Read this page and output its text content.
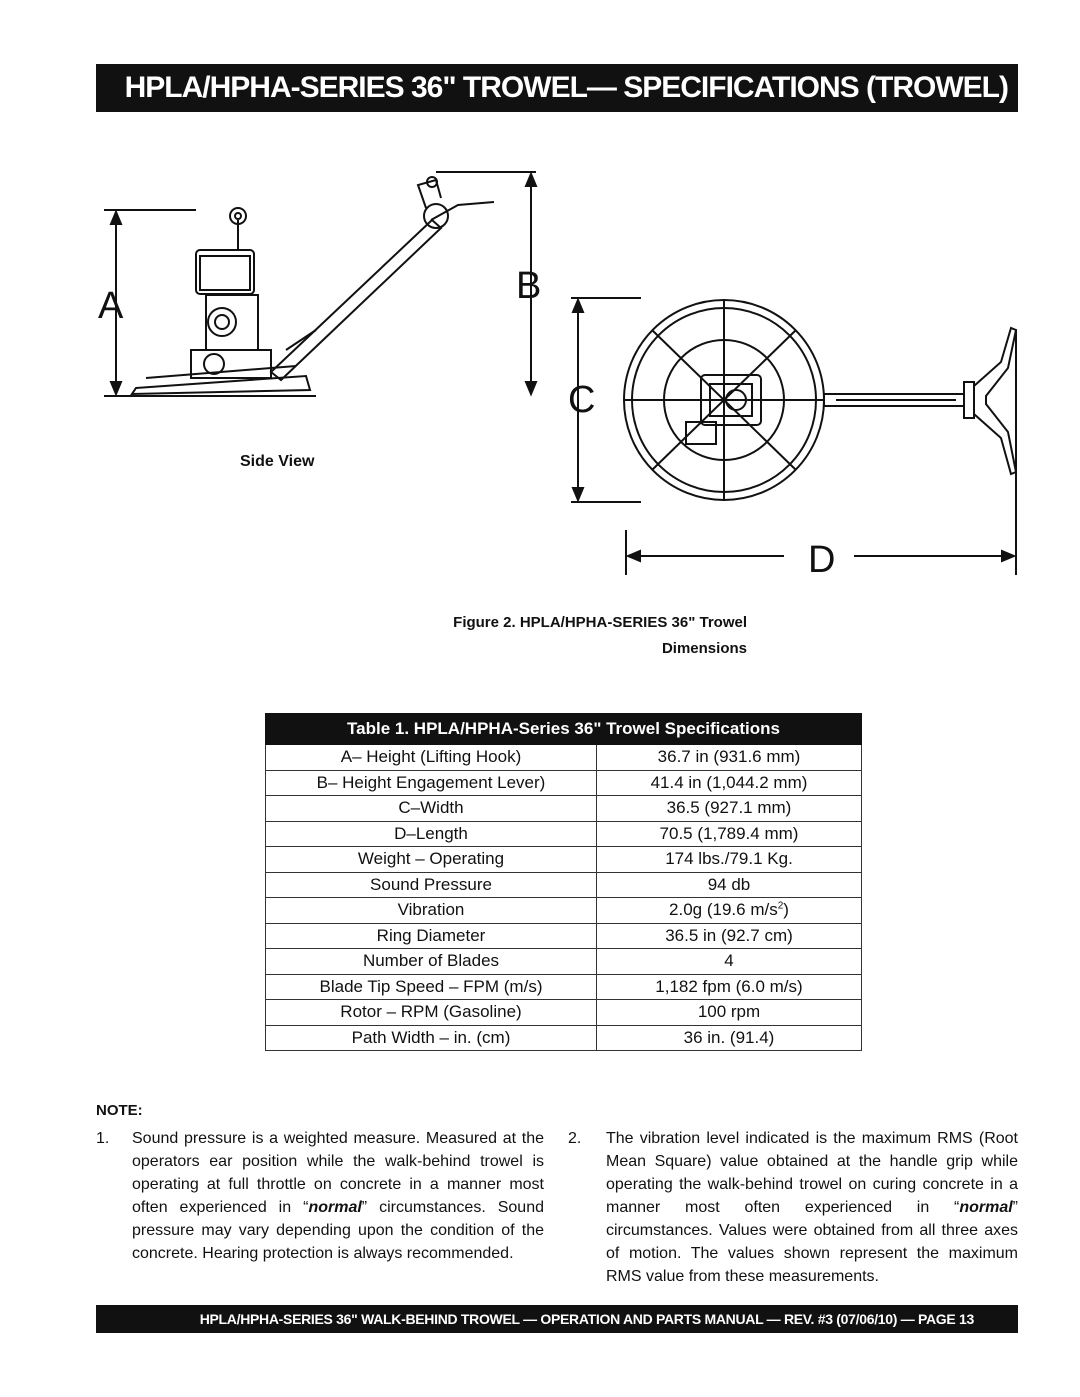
HPLA/HPHA-SERIES 36" TROWEL— SPECIFICATIONS (TROWEL)
A	B
C
D
Side View
Figure 2. HPLA/HPHA-SERIES 36" Trowel
Dimensions
Table 1. HPLA/HPHA-Series 36" Trowel Specifications	
A– Height (Lifting Hook)	36.7 in (931.6 mm)
B– Height Engagement Lever)	41.4 in (1,044.2 mm)
C–Width	36.5 (927.1 mm)
D–Length	70.5 (1,789.4 mm)
Weight – Operating	174 lbs./79.1 Kg.
Sound Pressure	94 db
Vibration	2.0g (19.6 $m/s^2$)
Ring Diameter	36.5 in (92.7 cm)
Number of Blades	4
Blade Tip Speed – FPM (m/s)	1,182 fpm (6.0 m/s)
Rotor – RPM (Gasoline)	100 rpm
Path Width – in. (cm)	36 in. (91.4)
NOTE:
1. Sound pressure is a weighted measure. Measured at the operators ear position while the walk-behind trowel is operating at full throttle on concrete in a manner most often experienced in “normal” circumstances. Sound pressure may vary depending upon the condition of the concrete. Hearing protection is always recommended.
2. The vibration level indicated is the maximum RMS (Root Mean Square) value obtained at the handle grip while operating the walk-behind trowel on curing concrete in a manner most often experienced in “normal” circumstances. Values were obtained from all three axes of motion. The values shown represent the maximum RMS value from these measurements.
HPLA/HPHA-SERIES 36" WALK-BEHIND TROWEL — OPERATION AND PARTS MANUAL — REV. #3 (07/06/10) — PAGE 13
